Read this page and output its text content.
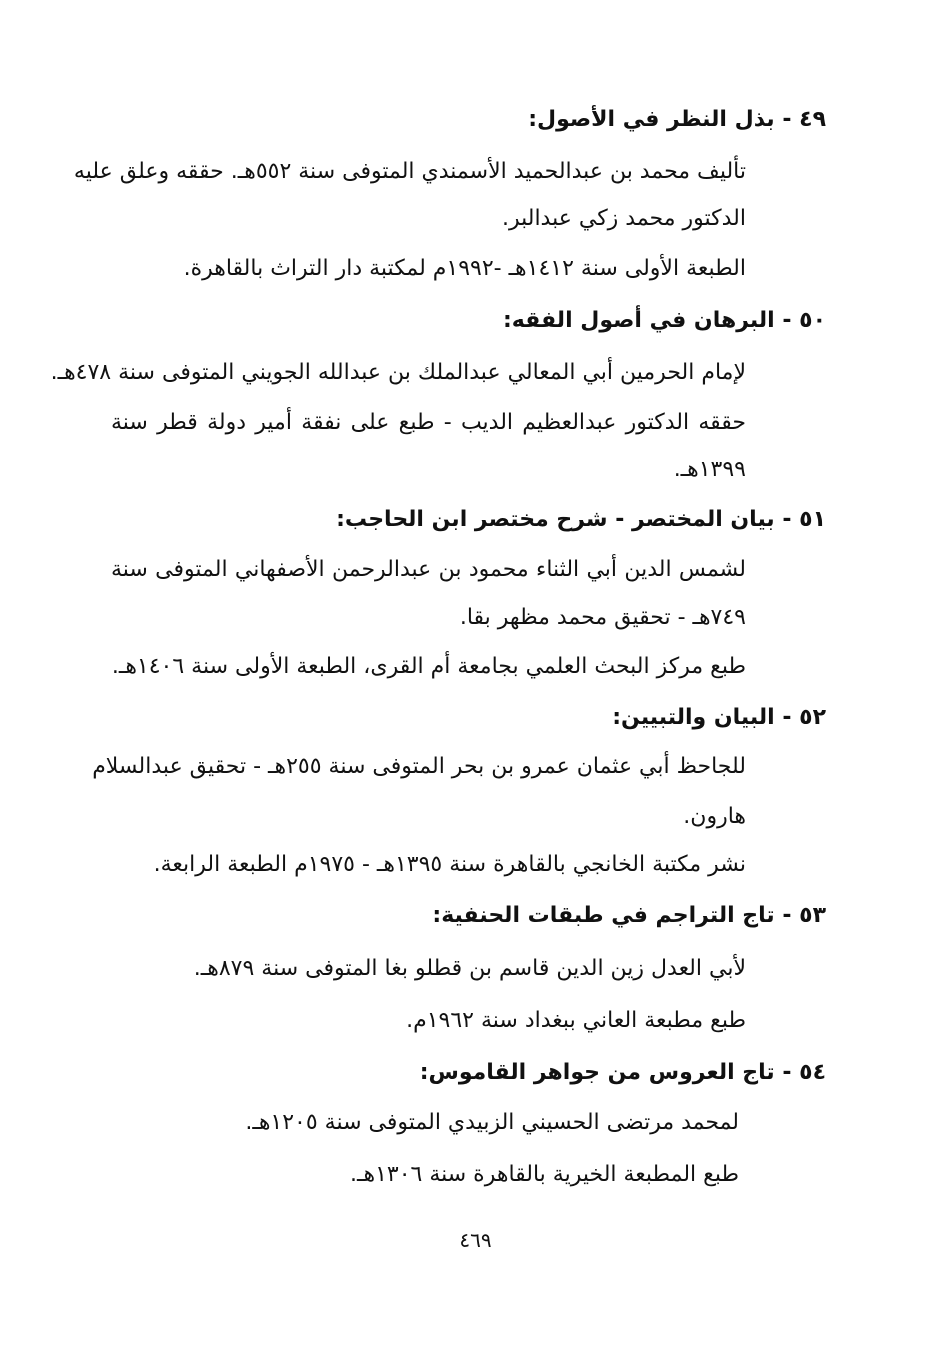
٤٩ - بذل النظر في الأصول:
تأليف محمد بن عبدالحميد الأسمندي المتوفى سنة ٥٥٢هـ. حققه وعلق عليه
الدكتور محمد زكي عبدالبر.
الطبعة الأولى سنة ١٤١٢هـ -١٩٩٢م لمكتبة دار التراث بالقاهرة.
٥٠ - البرهان في أصول الفقه:
لإمام الحرمين أبي المعالي عبدالملك بن عبدالله الجويني المتوفى سنة ٤٧٨هـ.
حققه الدكتور عبدالعظيم الديب - طبع على نفقة أمير دولة قطر سنة
١٣٩٩هـ.
٥١ - بيان المختصر - شرح مختصر ابن الحاجب:
لشمس الدين أبي الثناء محمود بن عبدالرحمن الأصفهاني المتوفى سنة
٧٤٩هـ - تحقيق محمد مظهر بقا.
طبع مركز البحث العلمي بجامعة أم القرى، الطبعة الأولى سنة ١٤٠٦هـ.
٥٢ - البيان والتبيين:
للجاحظ أبي عثمان عمرو بن بحر المتوفى سنة ٢٥٥هـ - تحقيق عبدالسلام
هارون.
نشر مكتبة الخانجي بالقاهرة سنة ١٣٩٥هـ - ١٩٧٥م الطبعة الرابعة.
٥٣ - تاج التراجم في طبقات الحنفية:
لأبي العدل زين الدين قاسم بن قطلو بغا المتوفى سنة ٨٧٩هـ.
طبع مطبعة العاني ببغداد سنة ١٩٦٢م.
٥٤ - تاج العروس من جواهر القاموس:
لمحمد مرتضى الحسيني الزبيدي المتوفى سنة ١٢٠٥هـ.
طبع المطبعة الخيرية بالقاهرة سنة ١٣٠٦هـ.
٤٦٩
